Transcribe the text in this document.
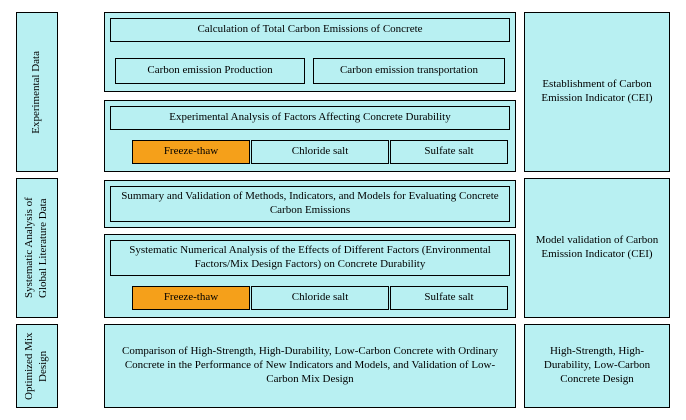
Experimental Data
Systematic Analysis of Global Literature Data
Optimized Mix Design
Calculation of Total Carbon Emissions of Concrete
Carbon emission Production	Carbon emission transportation
Experimental Analysis of Factors Affecting Concrete Durability
Freeze-thaw	Chloride salt	Sulfate salt
Summary and Validation of Methods, Indicators, and Models for Evaluating Concrete Carbon Emissions
Systematic Numerical Analysis of the Effects of Different Factors (Environmental Factors/Mix Design Factors) on Concrete Durability
Freeze-thaw	Chloride salt	Sulfate salt
Comparison of High-Strength, High-Durability, Low-Carbon Concrete with Ordinary Concrete in the Performance of New Indicators and Models, and Validation of Low-Carbon Mix Design
Establishment of Carbon Emission Indicator (CEI)
Model validation of Carbon Emission Indicator (CEI)
High-Strength, High-Durability, Low-Carbon Concrete Design
